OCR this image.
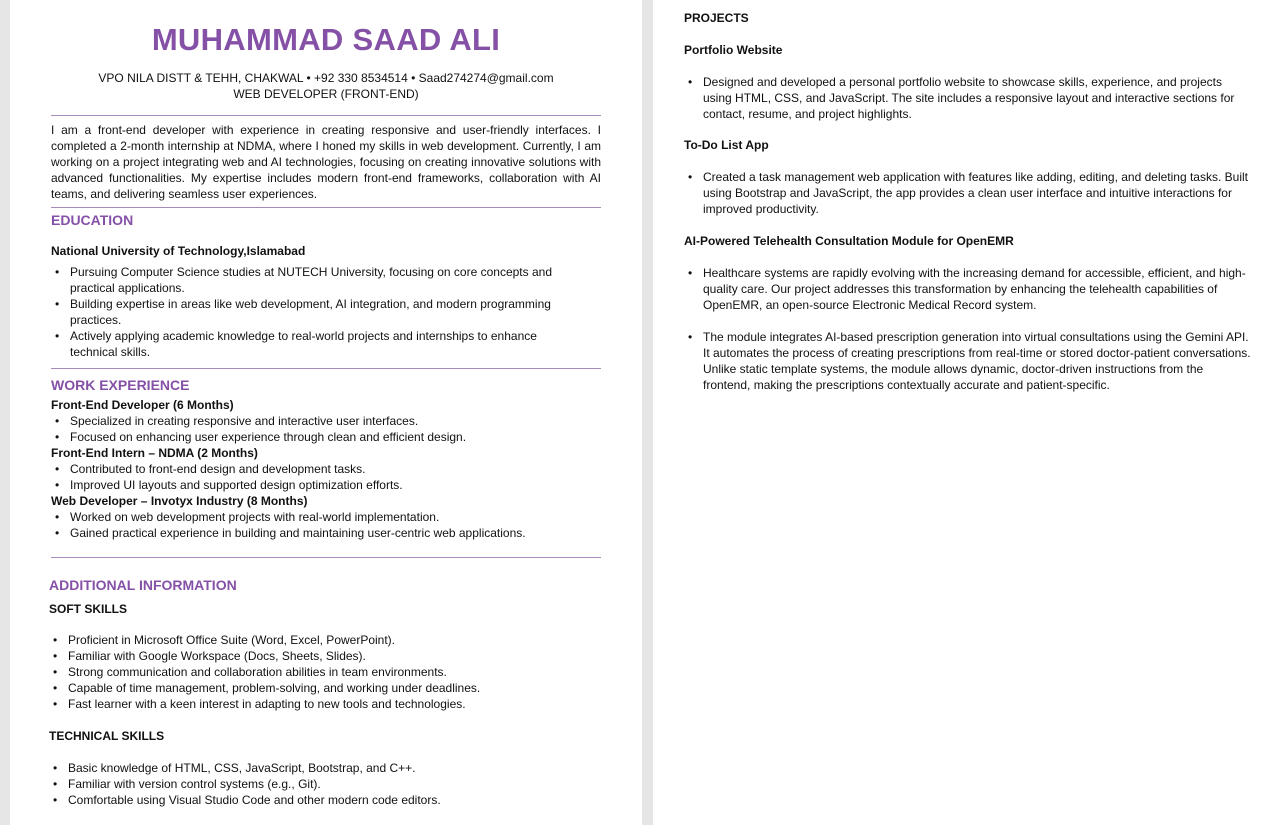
MUHAMMAD SAAD ALI
VPO NILA DISTT & TEHH, CHAKWAL • +92 330 8534514 • Saad274274@gmail.com
WEB DEVELOPER (FRONT-END)

I am a front-end developer with experience in creating responsive and user-friendly interfaces. I completed a 2-month internship at NDMA, where I honed my skills in web development. Currently, I am working on a project integrating web and AI technologies, focusing on creating innovative solutions with advanced functionalities. My expertise includes modern front-end frameworks, collaboration with AI teams, and delivering seamless user experiences.

EDUCATION
National University of Technology,Islamabad
• Pursuing Computer Science studies at NUTECH University, focusing on core concepts and practical applications.
• Building expertise in areas like web development, AI integration, and modern programming practices.
• Actively applying academic knowledge to real-world projects and internships to enhance technical skills.
WORK EXPERIENCE
Front-End Developer (6 Months)
• Specialized in creating responsive and interactive user interfaces.
• Focused on enhancing user experience through clean and efficient design.
Front-End Intern – NDMA (2 Months)
• Contributed to front-end design and development tasks.
• Improved UI layouts and supported design optimization efforts.
Web Developer – Invotyx Industry (8 Months)
• Worked on web development projects with real-world implementation.
• Gained practical experience in building and maintaining user-centric web applications.
ADDITIONAL INFORMATION
SOFT SKILLS
• Proficient in Microsoft Office Suite (Word, Excel, PowerPoint).
• Familiar with Google Workspace (Docs, Sheets, Slides).
• Strong communication and collaboration abilities in team environments.
• Capable of time management, problem-solving, and working under deadlines.
• Fast learner with a keen interest in adapting to new tools and technologies.
TECHNICAL SKILLS
• Basic knowledge of HTML, CSS, JavaScript, Bootstrap, and C++.
• Familiar with version control systems (e.g., Git).
• Comfortable using Visual Studio Code and other modern code editors.
PROJECTS
Portfolio Website
• Designed and developed a personal portfolio website to showcase skills, experience, and projects using HTML, CSS, and JavaScript. The site includes a responsive layout and interactive sections for contact, resume, and project highlights.
To-Do List App
• Created a task management web application with features like adding, editing, and deleting tasks. Built using Bootstrap and JavaScript, the app provides a clean user interface and intuitive interactions for improved productivity.
AI-Powered Telehealth Consultation Module for OpenEMR
• Healthcare systems are rapidly evolving with the increasing demand for accessible, efficient, and high-quality care. Our project addresses this transformation by enhancing the telehealth capabilities of OpenEMR, an open-source Electronic Medical Record system.
• The module integrates AI-based prescription generation into virtual consultations using the Gemini API. It automates the process of creating prescriptions from real-time or stored doctor-patient conversations. Unlike static template systems, the module allows dynamic, doctor-driven instructions from the frontend, making the prescriptions contextually accurate and patient-specific.
